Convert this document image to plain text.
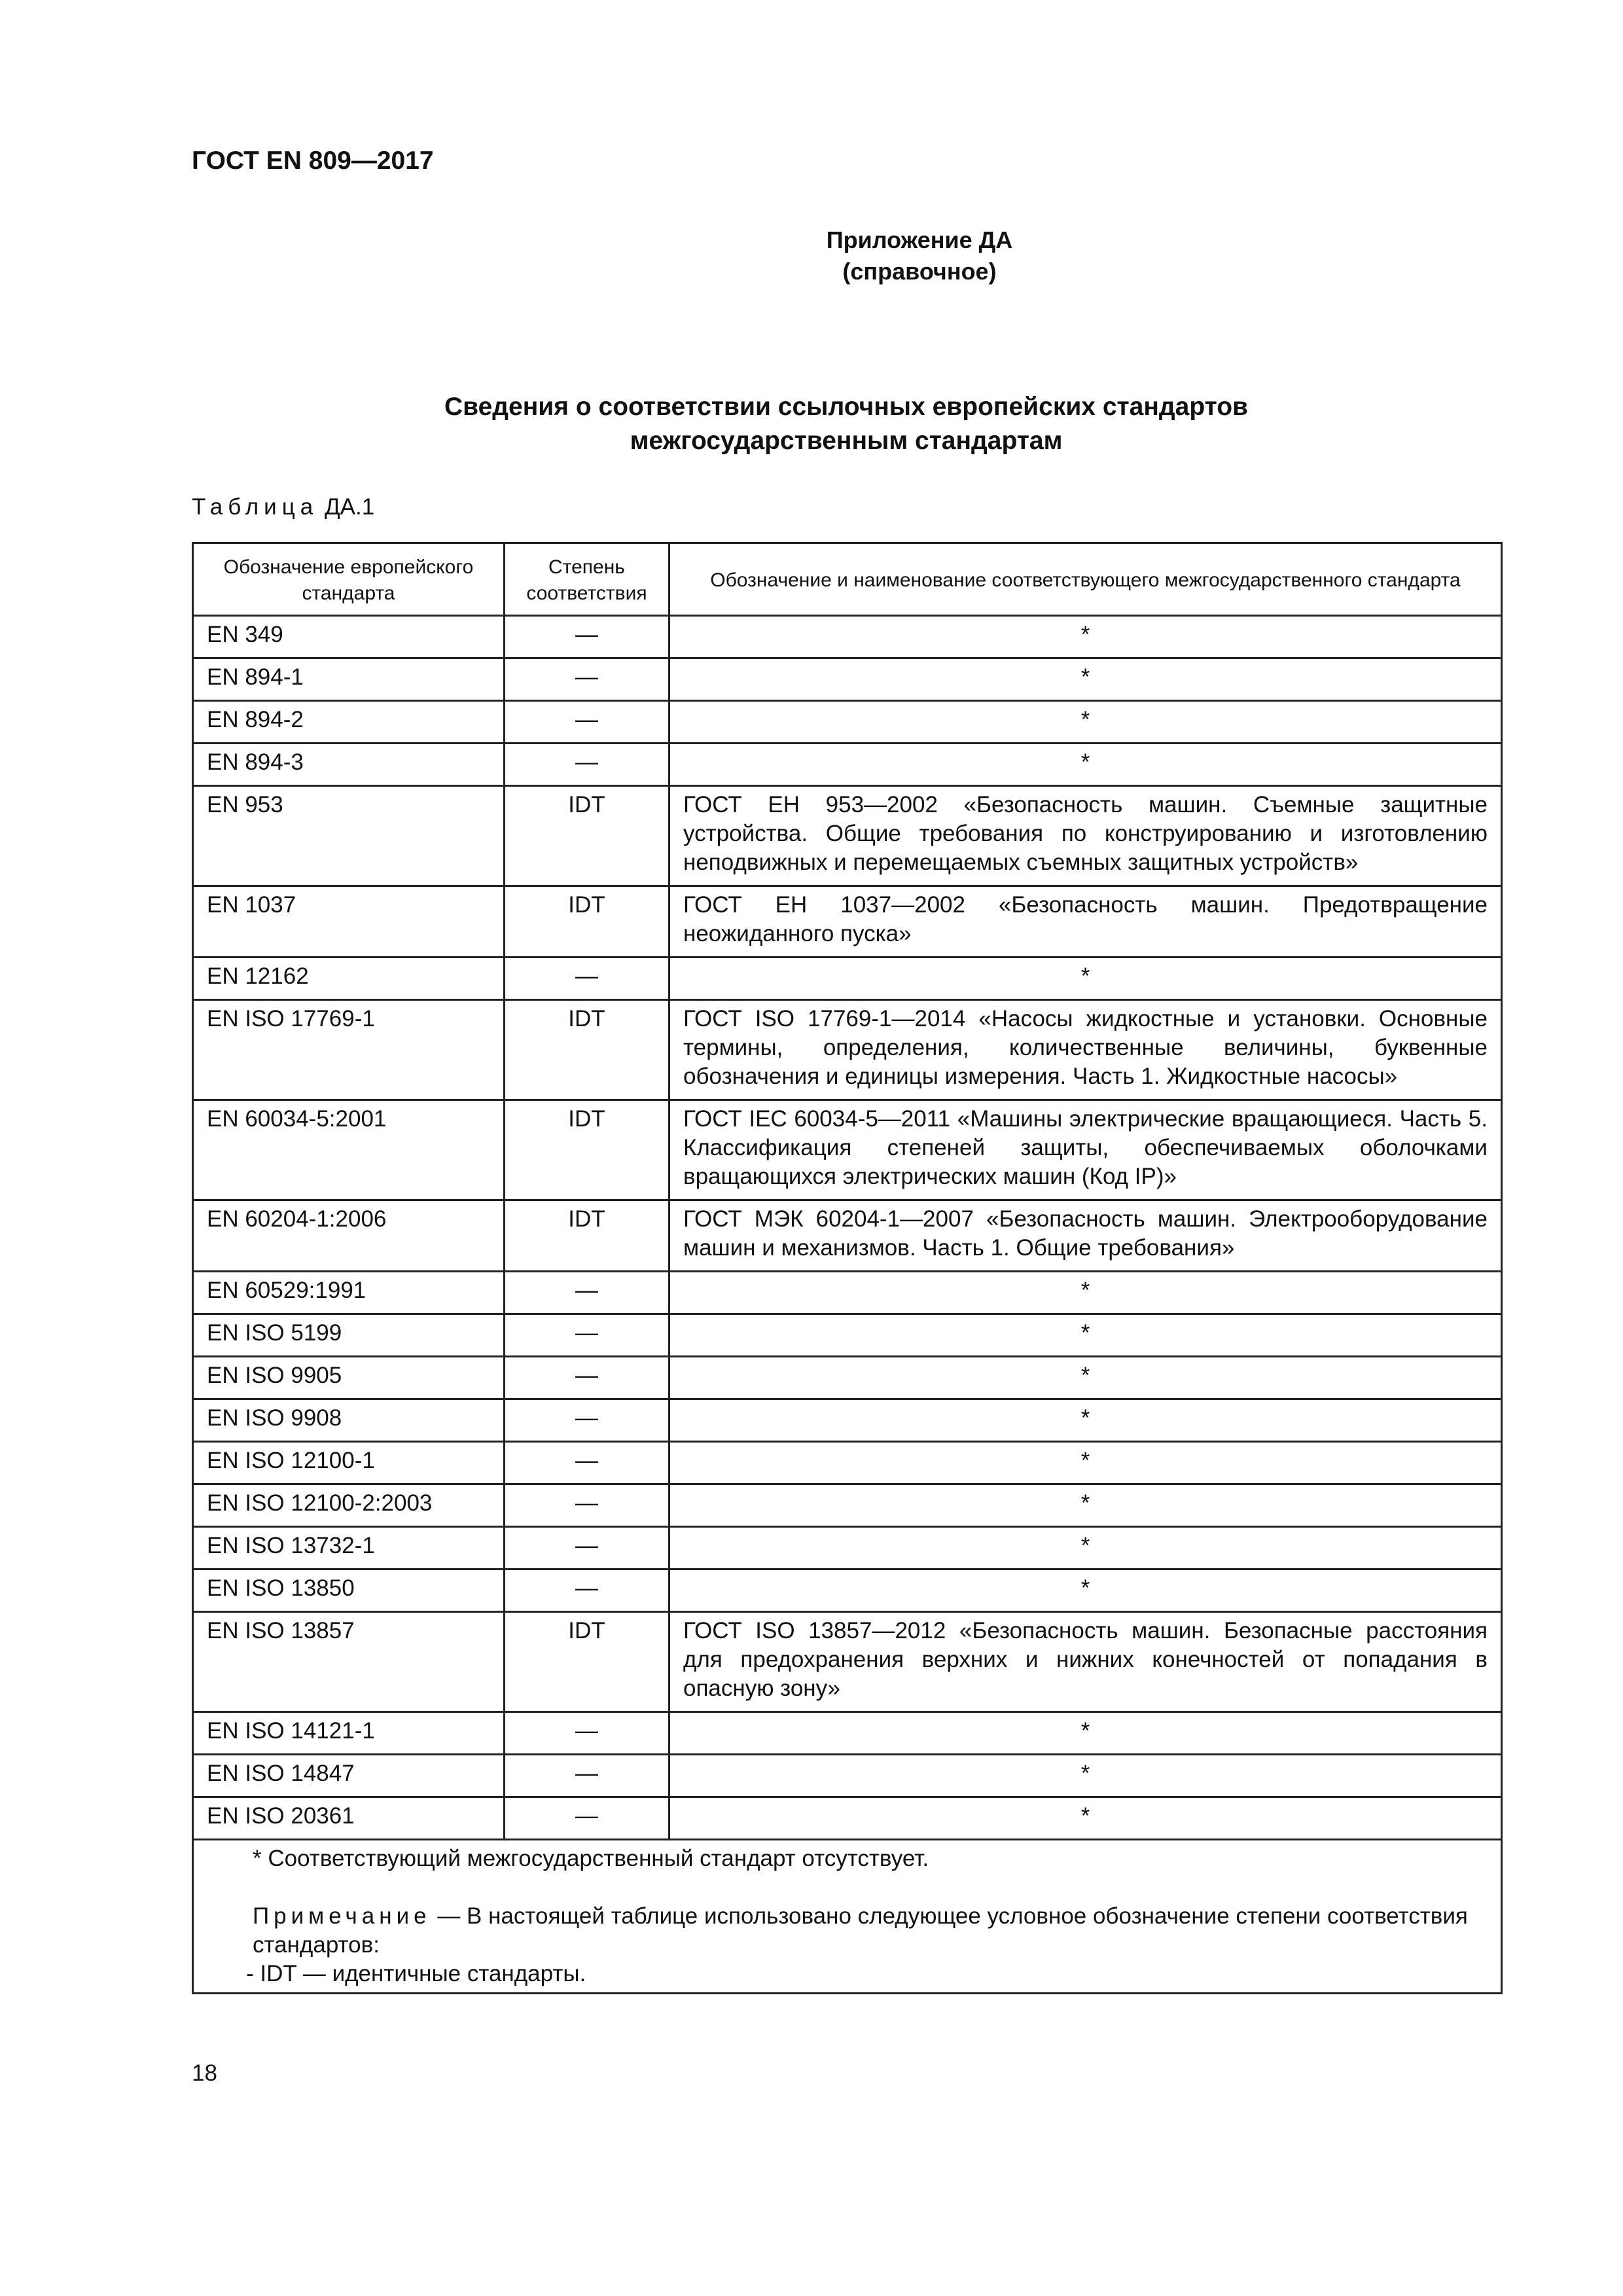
ГОСТ EN 809—2017
Приложение ДА
(справочное)
Сведения о соответствии ссылочных европейских стандартов
межгосударственным стандартам
Таблица ДА.1
Обозначение европейского стандарта	Степень соответствия	Обозначение и наименование соответствующего межгосударственного стандарта
EN 349	—	*
EN 894-1	—	*
EN 894-2	—	*
EN 894-3	—	*
EN 953	IDT	ГОСТ ЕН 953—2002 «Безопасность машин. Съемные защитные устройства. Общие требования по конструированию и изготовлению неподвижных и перемещаемых съемных защитных устройств»
EN 1037	IDT	ГОСТ ЕН 1037—2002 «Безопасность машин. Предотвращение неожиданного пуска»
EN 12162	—	*
EN ISO 17769-1	IDT	ГОСТ ISO 17769-1—2014 «Насосы жидкостные и установки. Основные термины, определения, количественные величины, буквенные обозначения и единицы измерения. Часть 1. Жидкостные насосы»
EN 60034-5:2001	IDT	ГОСТ IEC 60034-5—2011 «Машины электрические вращающиеся. Часть 5. Классификация степеней защиты, обеспечиваемых оболочками вращающихся электрических машин (Код IP)»
EN 60204-1:2006	IDT	ГОСТ МЭК 60204-1—2007 «Безопасность машин. Электрооборудование машин и механизмов. Часть 1. Общие требования»
EN 60529:1991	—	*
EN ISO 5199	—	*
EN ISO 9905	—	*
EN ISO 9908	—	*
EN ISO 12100-1	—	*
EN ISO 12100-2:2003	—	*
EN ISO 13732-1	—	*
EN ISO 13850	—	*
EN ISO 13857	IDT	ГОСТ ISO 13857—2012 «Безопасность машин. Безопасные расстояния для предохранения верхних и нижних конечностей от попадания в опасную зону»
EN ISO 14121-1	—	*
EN ISO 14847	—	*
EN ISO 20361	—	*

* Соответствующий межгосударственный стандарт отсутствует.
Примечание — В настоящей таблице использовано следующее условное обозначение степени соответствия стандартов:
- IDT — идентичные стандарты.		
18
